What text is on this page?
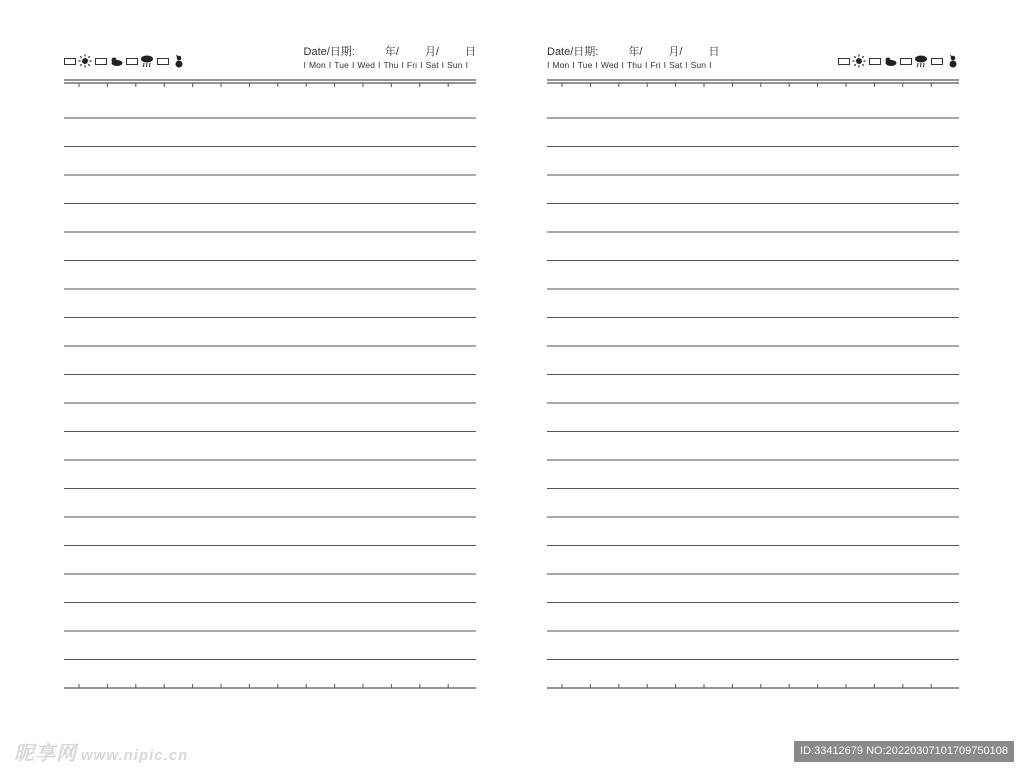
Date/日期:	年/ 月/ 日
I Mon I Tue I Wed I Thu I Fri I Sat I Sun I
Date/日期:	年/ 月/ 日
I Mon I Tue I Wed I Thu I Fri I Sat I Sun I
昵享网 www.nipic.cn	ID:33412679 NO:20220307101709750108
